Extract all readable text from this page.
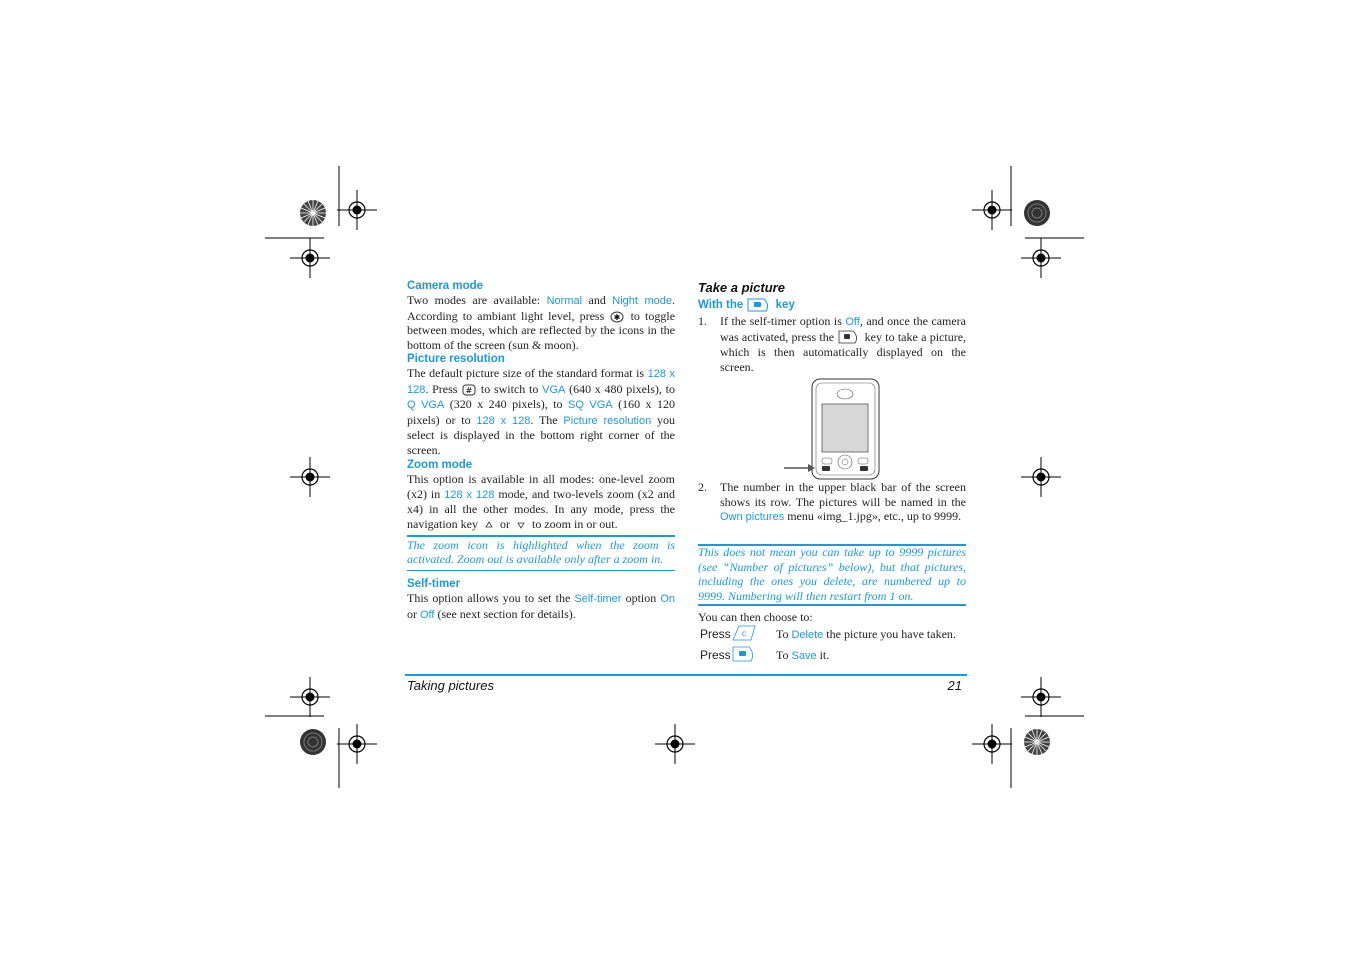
Camera mode
Two modes are available: Normal and Night mode. According to ambiant light level, press ✱ to toggle between modes, which are reflected by the icons in the bottom of the screen (sun & moon).
Picture resolution
The default picture size of the standard format is 128 x 128. Press # to switch to VGA (640 x 480 pixels), to Q VGA (320 x 240 pixels), to SQ VGA (160 x 120 pixels) or to 128 x 128. The Picture resolution you select is displayed in the bottom right corner of the screen.
Zoom mode
This option is available in all modes: one-level zoom (x2) in 128 x 128 mode, and two-levels zoom (x2 and x4) in all the other modes. In any mode, press the navigation key or to zoom in or out.
The zoom icon is highlighted when the zoom is activated. Zoom out is available only after a zoom in.
Self-timer
This option allows you to set the Self-timer option On or Off (see next section for details).
Take a picture
With the	key
1. If the self-timer option is Off, and once the camera was activated, press the	key to take a picture, which is then automatically displayed on the screen.
2. The number in the upper black bar of the screen shows its row. The pictures will be named in the Own pictures menu «img_1.jpg», etc., up to 9999.
This does not mean you can take up to 9999 pictures (see “Number of pictures” below), but that pictures, including the ones you delete, are numbered up to 9999. Numbering will then restart from 1 on.
You can then choose to:
Press c To Delete the picture you have taken.
Press	To Save it.
Taking pictures	21
